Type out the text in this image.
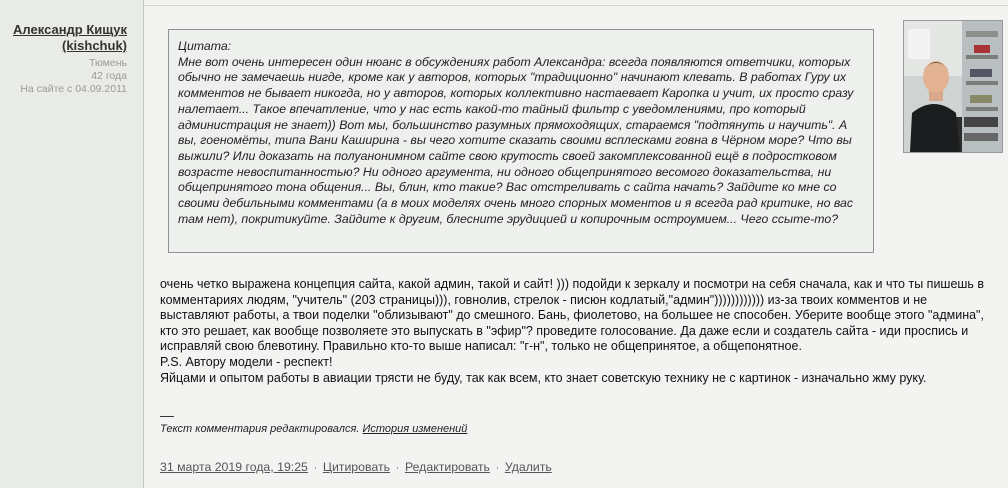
Александр Кищук
(kishchuk)
Тюмень
42 года
На сайте с 04.09.2011
Цитата:
Мне вот очень интересен один нюанс в обсуждениях работ Александра: всегда появляются ответчики, которых обычно не замечаешь нигде, кроме как у авторов, которых "традиционно" начинают клевать. В работах Гуру их комментов не бывает никогда, но у авторов, которых коллективно настаевает Каропка и учит, их просто сразу налетает... Такое впечатление, что у нас есть какой-то тайный фильтр с уведомлениями, про который администрация не знает)) Вот мы, большинство разумных прямоходящих, стараемся "подтянуть и научить". А вы, гоеномёты, типа Вани Каширина - вы чего хотите сказать своими всплесками говна в Чёрном море? Что вы выжили? Или доказать на полуанонимном сайте свою крутость своей закомплексованной ещё в подростковом возрасте невоспитанностью? Ни одного аргумента, ни одного общепринятого весомого доказательства, ни общепринятого тона общения... Вы, блин, кто такие? Вас отстреливать с сайта начать? Зайдите ко мне со своими дебильными комментами (а в моих моделях очень много спорных моментов и я всегда рад критике, но вас там нет), покритикуйте. Зайдите к другим, блесните эрудицией и копирочным остроумием... Чего ссыте-то?

очень четко выражена концепция сайта, какой админ, такой и сайт! ))) подойди к зеркалу и посмотри на себя сначала, как и что ты пишешь в комментариях людям, "учитель" (203 страницы))), говнолив, стрелок - писюн кодлатый,"админ")))))))))))) из-за твоих комментов и не выставляют работы, а твои поделки "облизывают" до смешного. Бань, фиолетово, на большее не способен. Уберите вообще этого "админа", кто это решает, как вообще позволяете это выпускать в "эфир"? проведите голосование. Да даже если и создатель сайта - иди проспись и исправляй свою блевотину. Правильно кто-то выше написал: "г-н", только не общепринятое, а общепонятное.

P.S. Автору модели - респект!

Яйцами и опытом работы в авиации трясти не буду, так как всем, кто знает советскую технику не с картинок - изначально жму руку.

Текст комментария редактировался. История изменений
31 марта 2019 года, 19:25 · Цитировать · Редактировать · Удалить
